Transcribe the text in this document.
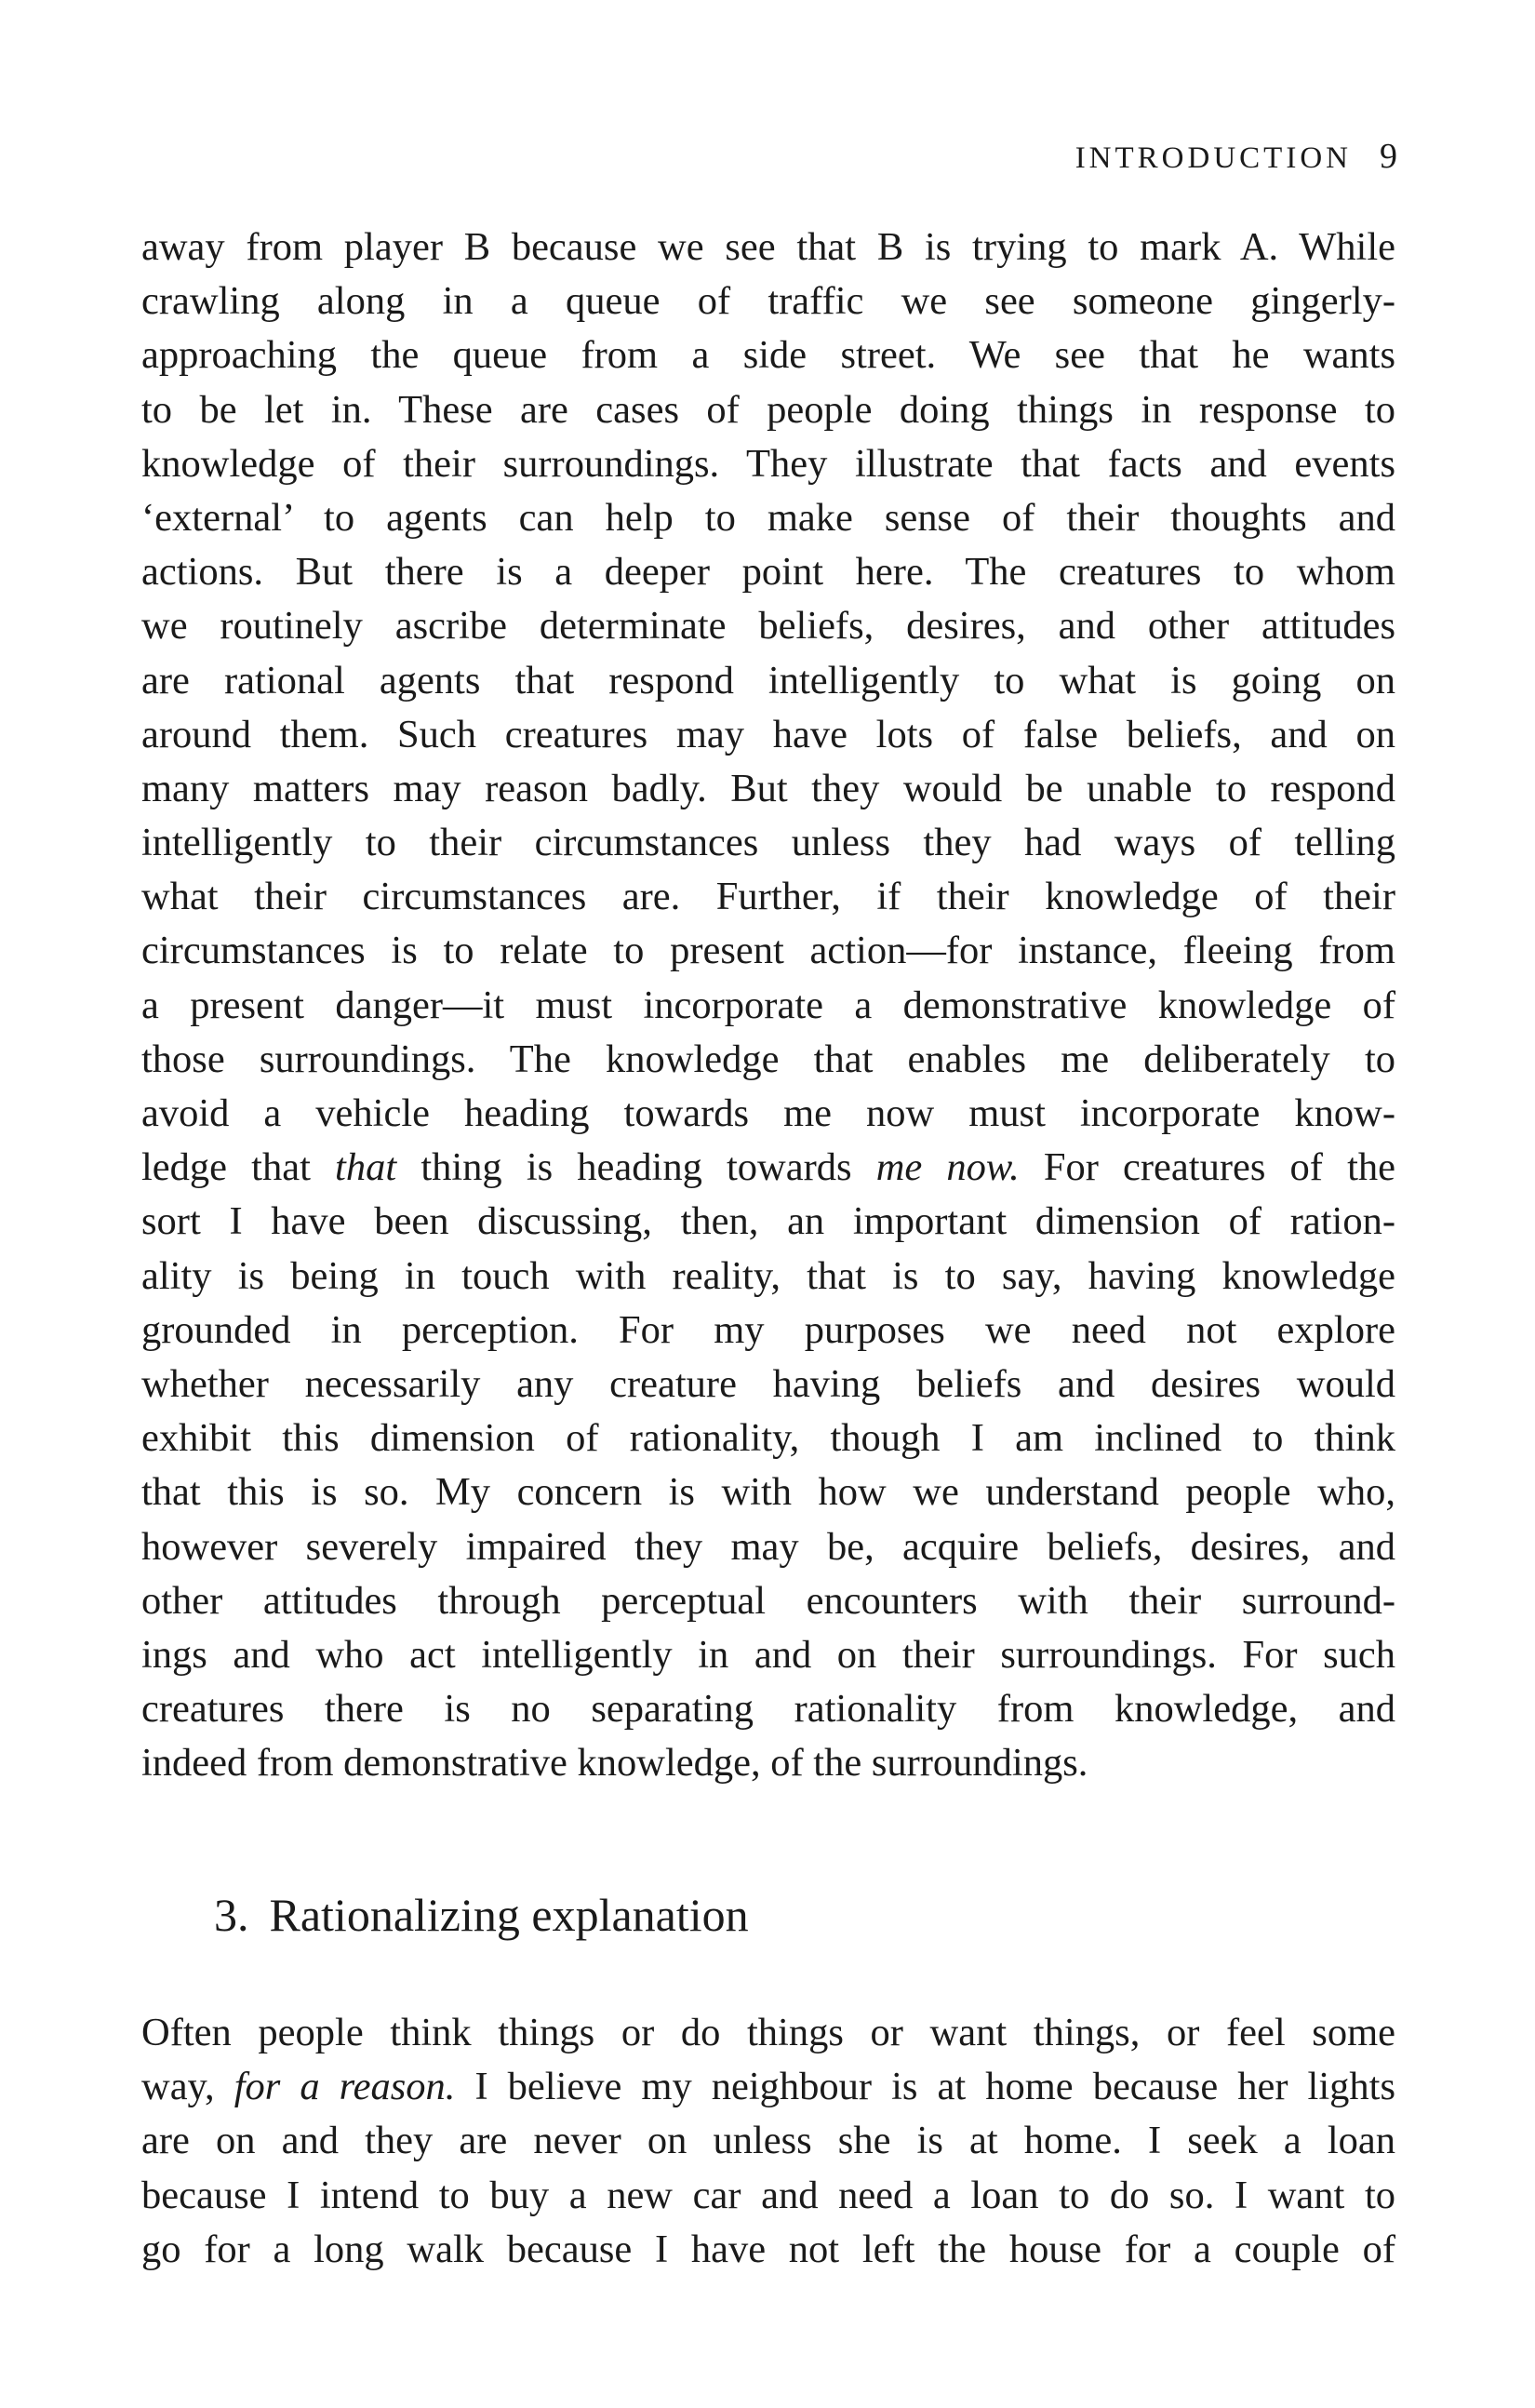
INTRODUCTION 9
away from player B because we see that B is trying to mark A. While
crawling along in a queue of traffic we see someone gingerly-
approaching the queue from a side street. We see that he wants
to be let in. These are cases of people doing things in response to
knowledge of their surroundings. They illustrate that facts and events
‘external’ to agents can help to make sense of their thoughts and
actions. But there is a deeper point here. The creatures to whom
we routinely ascribe determinate beliefs, desires, and other attitudes
are rational agents that respond intelligently to what is going on
around them. Such creatures may have lots of false beliefs, and on
many matters may reason badly. But they would be unable to respond
intelligently to their circumstances unless they had ways of telling
what their circumstances are. Further, if their knowledge of their
circumstances is to relate to present action—for instance, fleeing from
a present danger—it must incorporate a demonstrative knowledge of
those surroundings. The knowledge that enables me deliberately to
avoid a vehicle heading towards me now must incorporate know-
ledge that that thing is heading towards me now. For creatures of the
sort I have been discussing, then, an important dimension of ration-
ality is being in touch with reality, that is to say, having knowledge
grounded in perception. For my purposes we need not explore
whether necessarily any creature having beliefs and desires would
exhibit this dimension of rationality, though I am inclined to think
that this is so. My concern is with how we understand people who,
however severely impaired they may be, acquire beliefs, desires, and
other attitudes through perceptual encounters with their surround-
ings and who act intelligently in and on their surroundings. For such
creatures there is no separating rationality from knowledge, and
indeed from demonstrative knowledge, of the surroundings.
3. Rationalizing explanation
Often people think things or do things or want things, or feel some
way, for a reason. I believe my neighbour is at home because her lights
are on and they are never on unless she is at home. I seek a loan
because I intend to buy a new car and need a loan to do so. I want to
go for a long walk because I have not left the house for a couple of
